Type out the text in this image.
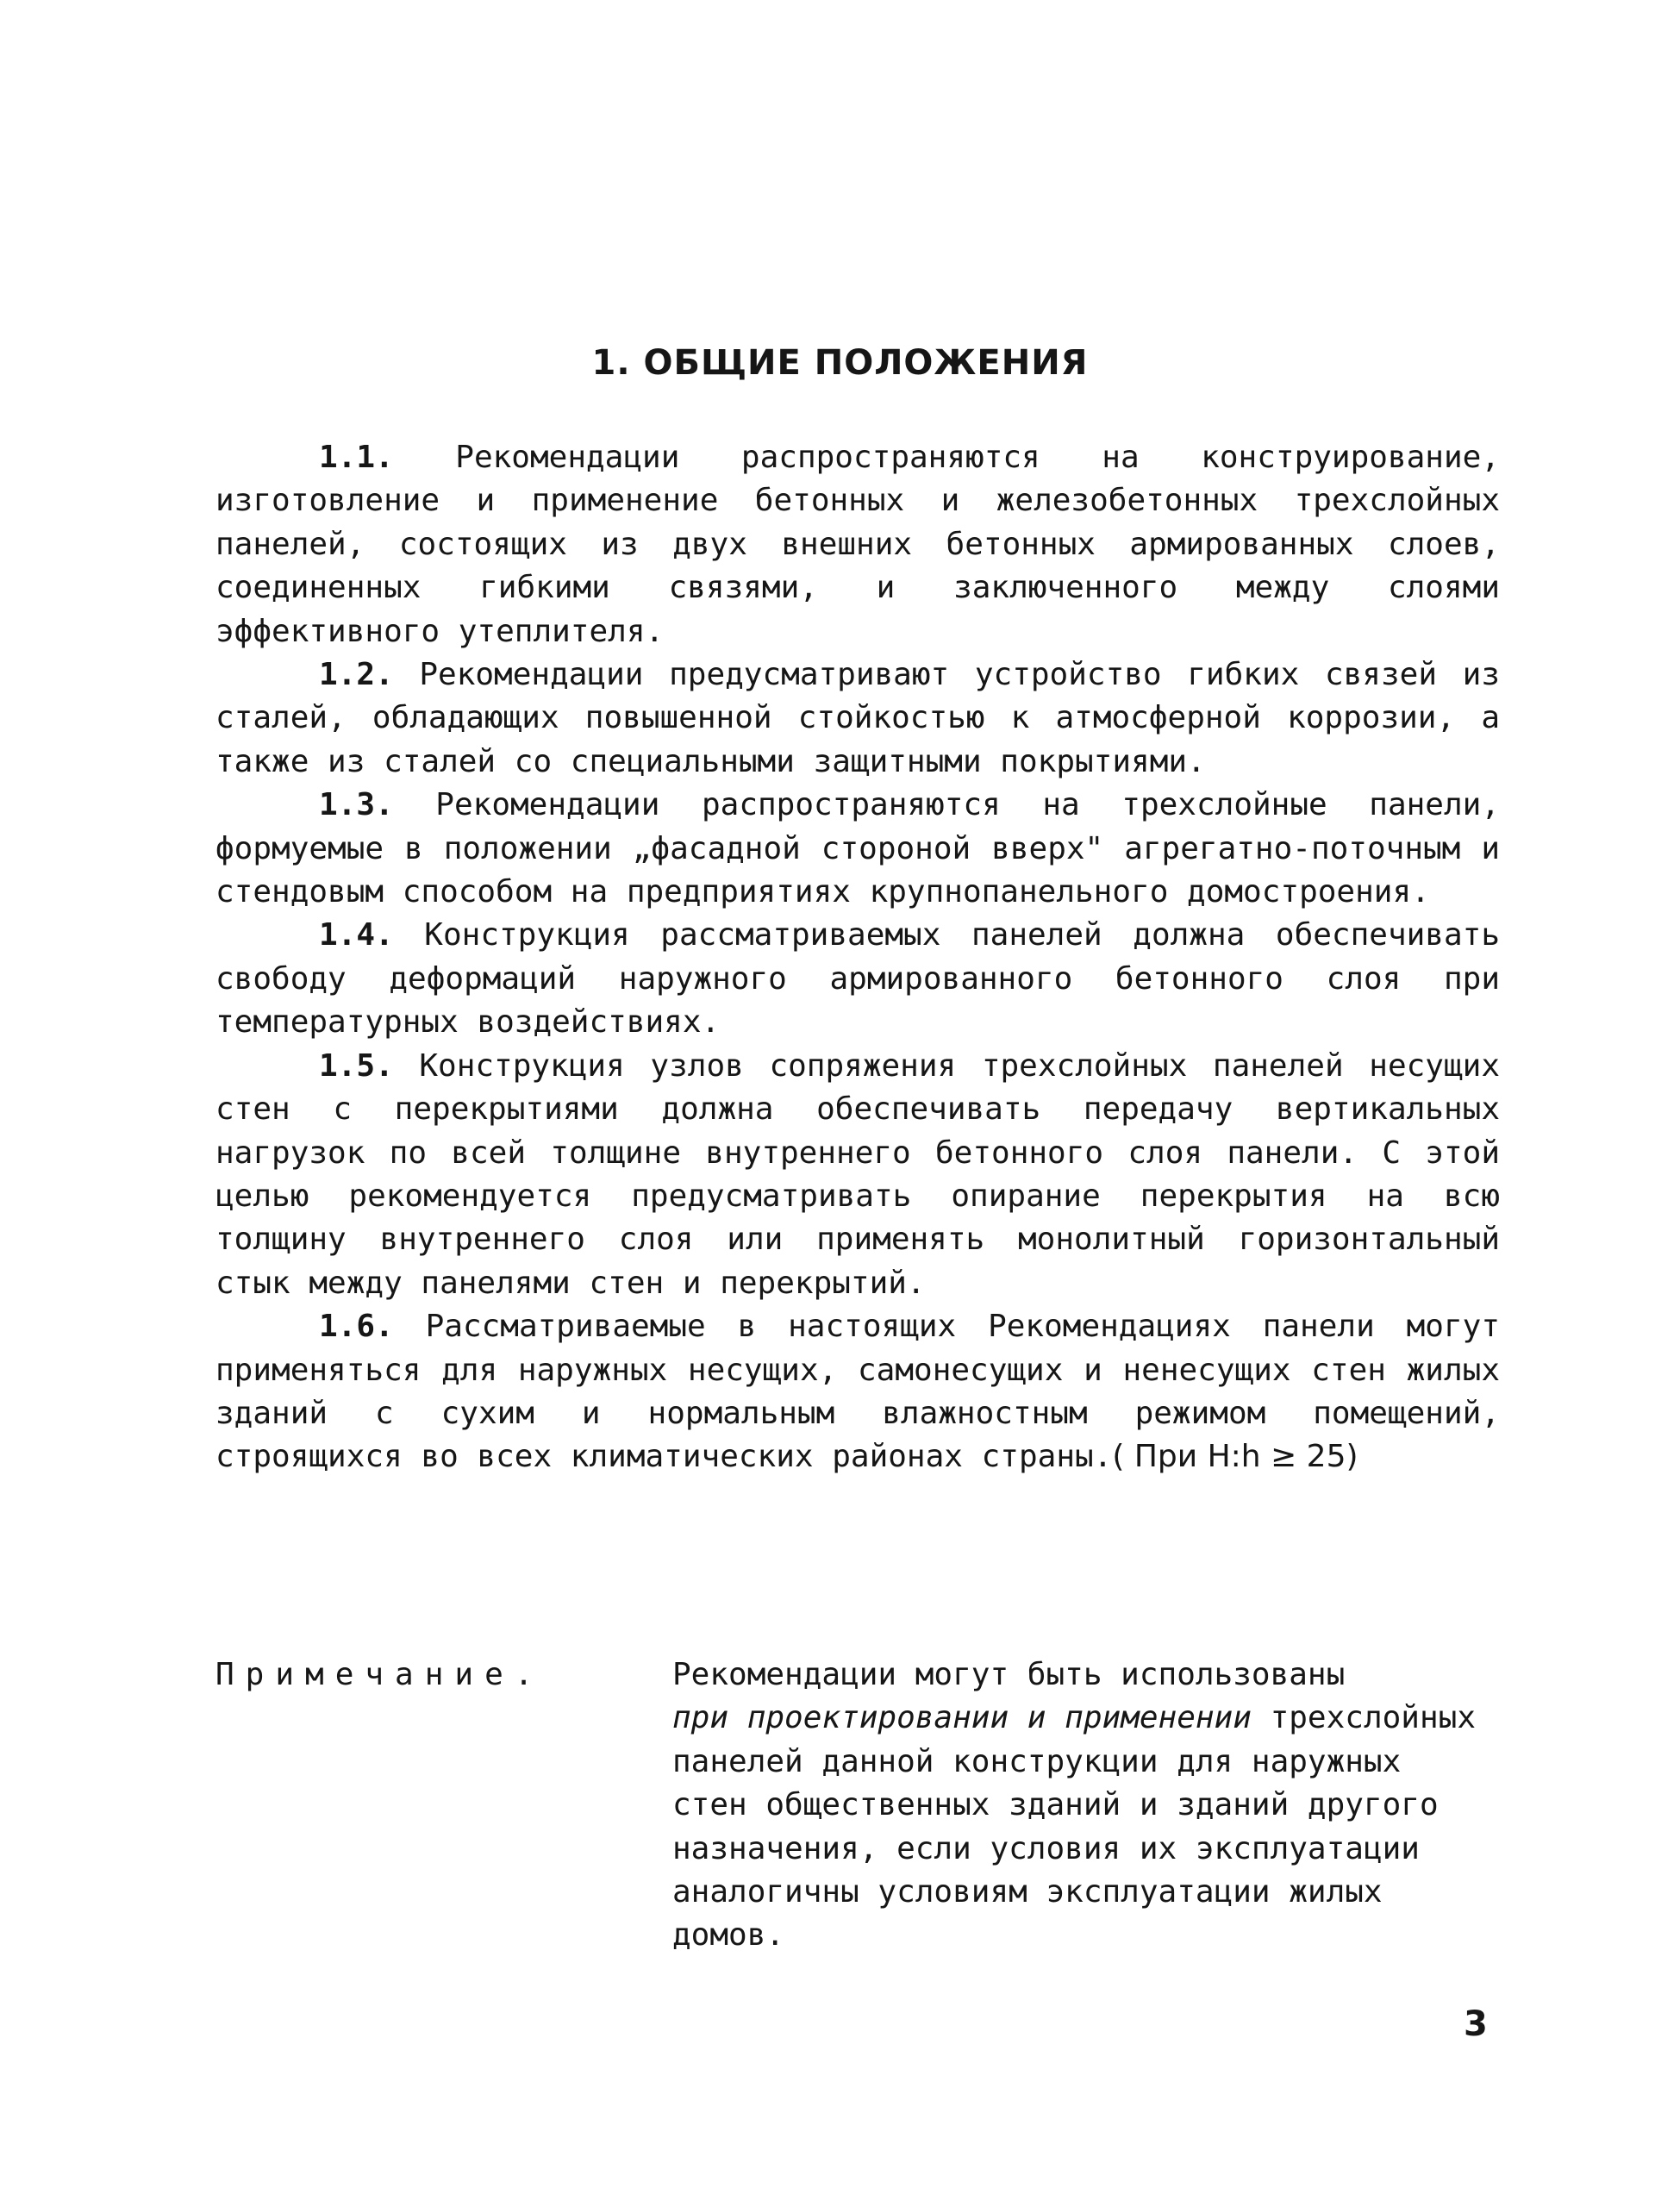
1. ОБЩИЕ ПОЛОЖЕНИЯ

1.1. Рекомендации распространяются на конструирование, изготовление и применение бетонных и железобетонных трехслойных панелей, состоящих из двух внешних бетонных армированных слоев, соединенных гибкими связями, и заключенного между слоями эффективного утеплителя.

1.2. Рекомендации предусматривают устройство гибких связей из сталей, обладающих повышенной стойкостью к атмосферной коррозии, а также из сталей со специальными защитными покрытиями.

1.3. Рекомендации распространяются на трехслойные панели, формуемые в положении „фасадной стороной вверх" агрегатно-поточным и стендовым способом на предприятиях крупнопанельного домостроения.

1.4. Конструкция рассматриваемых панелей должна обеспечивать свободу деформаций наружного армированного бетонного слоя при температурных воздействиях.

1.5. Конструкция узлов сопряжения трехслойных панелей несущих стен с перекрытиями должна обеспечивать передачу вертикальных нагрузок по всей толщине внутреннего бетонного слоя панели. С этой целью рекомендуется предусматривать опирание перекрытия на всю толщину внутреннего слоя или применять монолитный горизонтальный стык между панелями стен и перекрытий.

1.6. Рассматриваемые в настоящих Рекомендациях панели могут применяться для наружных несущих, самонесущих и ненесущих стен жилых зданий с сухим и нормальным влажностным режимом помещений, строящихся во всех климатических районах страны.( При H:h ≥ 25)

Примечание.	Рекомендации могут быть использованы
при проектировании и применении трехслойных панелей данной конструкции для наружных стен общественных зданий и зданий другого назначения, если условия их эксплуатации аналогичны условиям эксплуатации жилых домов.
3
